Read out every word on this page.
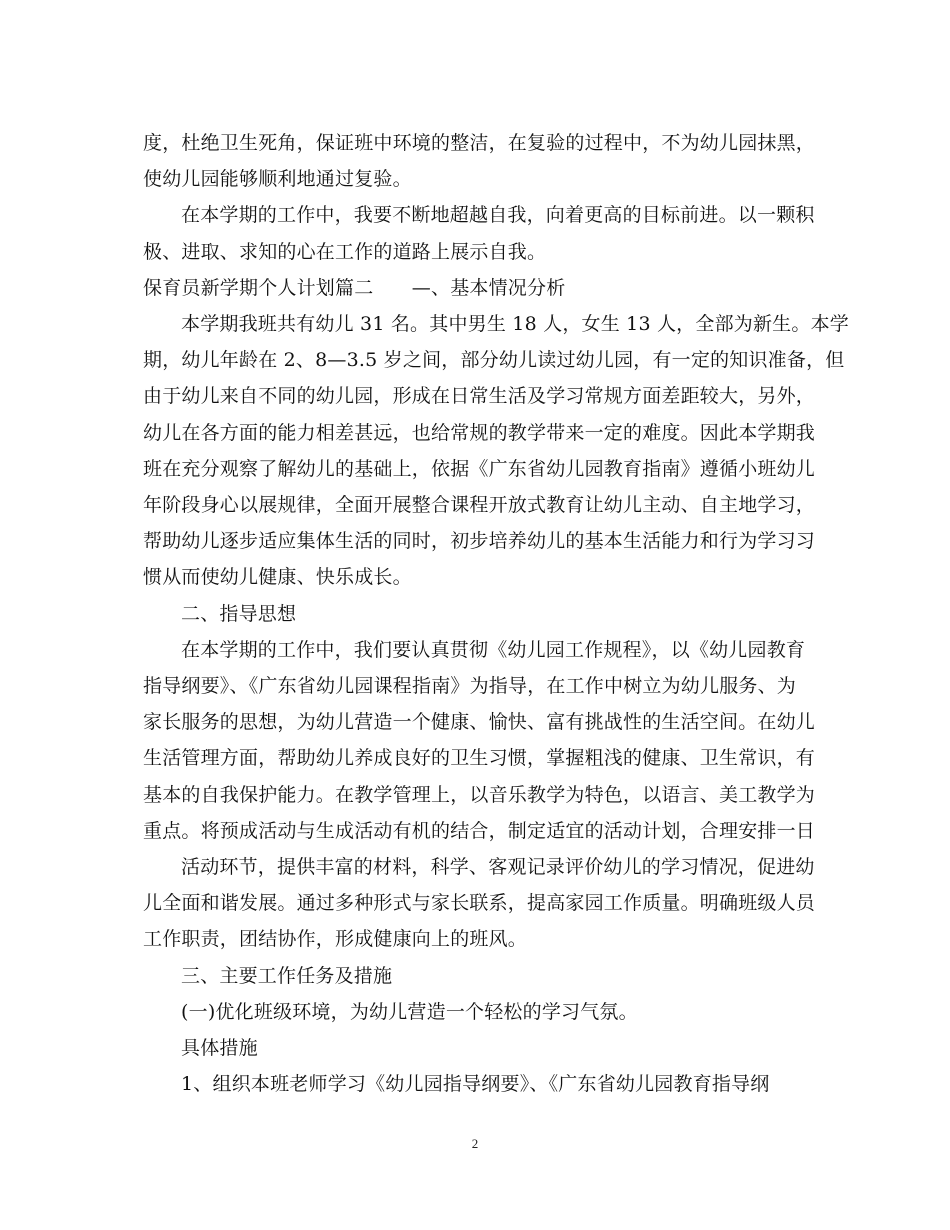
度，杜绝卫生死角，保证班中环境的整洁，在复验的过程中，不为幼儿园抹黑，

使幼儿园能够顺利地通过复验。

在本学期的工作中，我要不断地超越自我，向着更高的目标前进。以一颗积

极、进取、求知的心在工作的道路上展示自我。

保育员新学期个人计划篇二　　—、基本情况分析

本学期我班共有幼儿 31 名。其中男生 18 人，女生 13 人，全部为新生。本学

期，幼儿年龄在 2、8—3.5 岁之间，部分幼儿读过幼儿园，有一定的知识准备，但

由于幼儿来自不同的幼儿园，形成在日常生活及学习常规方面差距较大，另外，

幼儿在各方面的能力相差甚远，也给常规的教学带来一定的难度。因此本学期我

班在充分观察了解幼儿的基础上，依据《广东省幼儿园教育指南》遵循小班幼儿

年阶段身心以展规律，全面开展整合课程开放式教育让幼儿主动、自主地学习，

帮助幼儿逐步适应集体生活的同时，初步培养幼儿的基本生活能力和行为学习习

惯从而使幼儿健康、快乐成长。

二、指导思想

在本学期的工作中，我们要认真贯彻《幼儿园工作规程》，以《幼儿园教育

指导纲要》、《广东省幼儿园课程指南》为指导，在工作中树立为幼儿服务、为

家长服务的思想，为幼儿营造一个健康、愉快、富有挑战性的生活空间。在幼儿

生活管理方面，帮助幼儿养成良好的卫生习惯，掌握粗浅的健康、卫生常识，有

基本的自我保护能力。在教学管理上，以音乐教学为特色，以语言、美工教学为

重点。将预成活动与生成活动有机的结合，制定适宜的活动计划，合理安排一日

活动环节，提供丰富的材料，科学、客观记录评价幼儿的学习情况，促进幼

儿全面和谐发展。通过多种形式与家长联系，提高家园工作质量。明确班级人员

工作职责，团结协作，形成健康向上的班风。

三、主要工作任务及措施

(一)优化班级环境，为幼儿营造一个轻松的学习气氛。

具体措施

1、组织本班老师学习《幼儿园指导纲要》、《广东省幼儿园教育指导纲

2
